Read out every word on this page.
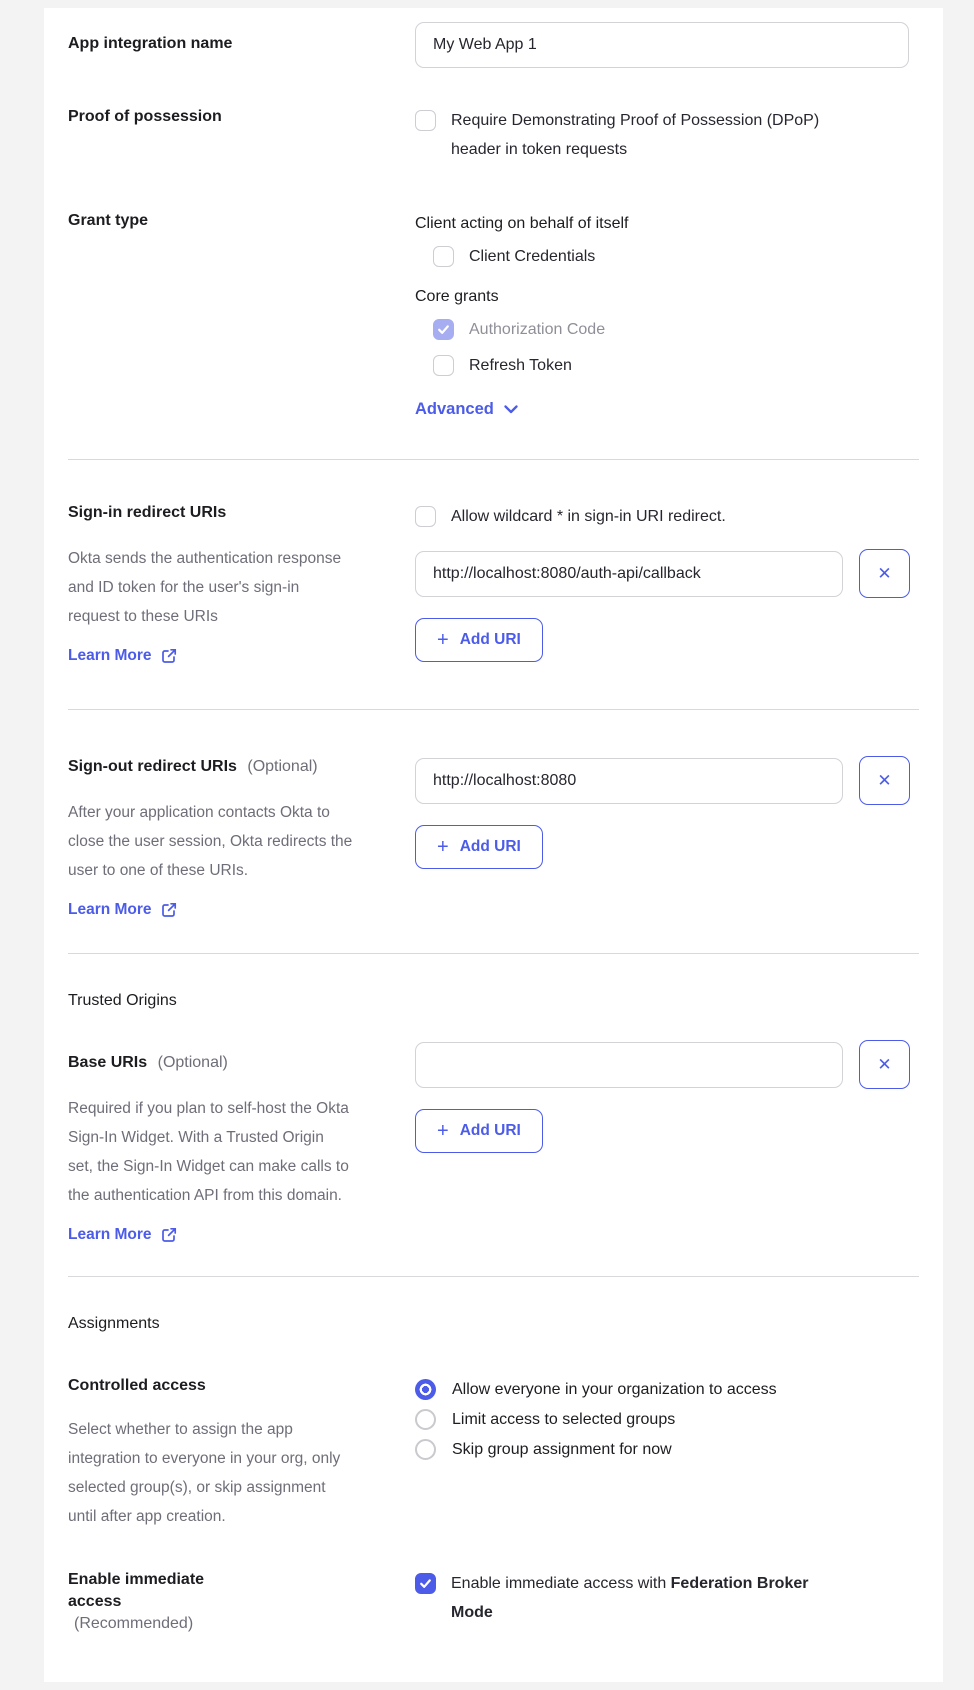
App integration name
My Web App 1
Proof of possession	Require Demonstrating Proof of Possession (DPoP) header in token requests
Grant type	Client acting on behalf of itself
Client Credentials
Core grants
Authorization Code
Refresh Token
Advanced
Sign-in redirect URIs

Okta sends the authentication response and ID token for the user's sign-in request to these URIs

Learn More
Allow wildcard * in sign-in URI redirect.
http://localhost:8080/auth-api/callback
✕
+ Add URI
Sign-out redirect URIs (Optional)

After your application contacts Okta to close the user session, Okta redirects the user to one of these URIs.

Learn More
http://localhost:8080
✕
+ Add URI
Trusted Origins
Base URIs (Optional)

Required if you plan to self-host the Okta Sign-In Widget. With a Trusted Origin set, the Sign-In Widget can make calls to the authentication API from this domain.

Learn More
✕
+ Add URI
Assignments
Controlled access

Select whether to assign the app integration to everyone in your org, only selected group(s), or skip assignment until after app creation.

Allow everyone in your organization to access
Limit access to selected groups
Skip group assignment for now
Enable immediate access (Recommended)
Enable immediate access with Federation Broker Mode
